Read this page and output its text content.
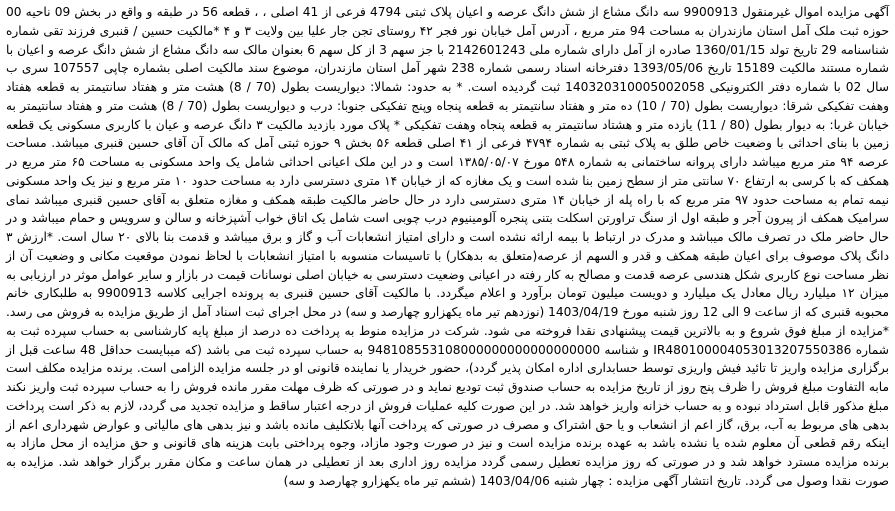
آگهی مزایده اموال غیرمنقول 9900913 سه دانگ مشاع از شش دانگ عرصه و اعیان پلاک ثبتی 4794 فرعی از 41 اصلی ، ، قطعه 56 در طبقه و واقع در بخش 09 ناحیه 00 حوزه ثبت ملک آمل استان مازندران به مساحت 94 متر مربع ، آدرس آمل خیابان نور فجر ۴۲ روستای تجن جار علیا بین ولایت ۳ و ۴ *مالکیت حسین / قنبری فرزند تقی شماره شناسنامه 29 تاریخ تولد 1360/01/15 صادره از آمل دارای شماره ملی 2142601243 با جز سهم 3 از کل سهم 6 بعنوان مالک سه دانگ مشاع از شش دانگ عرصه و اعیان با شماره مستند مالکیت 15189 تاریخ 1393/05/06 دفترخانه اسناد رسمی شماره 238 شهر آمل استان مازندران، موضوع سند مالکیت اصلی بشماره چاپی 107557 سری ب سال 02 با شماره دفتر الکترونیکی 140320310005002058 ثبت گردیده است. * به حدود: شمالا: دیواریست بطول (70 / 8) هشت متر و هفتاد سانتیمتر به قطعه هفتاد وهفت تفکیکی شرقا: دیواریست بطول (70 / 10) ده متر و هفتاد سانتیمتر به قطعه پنجاه وپنج تفکیکی جنوبا: درب و دیواریست بطول (70 / 8) هشت متر و هفتاد سانتیمتر به خیابان غربا: به دیوار بطول (80 / 11) یازده متر و هشتاد سانتیمتر به قطعه پنجاه وهفت تفکیکی * پلاک مورد بازدید مالکیت ۳ دانگ عرصه و عیان با کاربری مسکونی یک قطعه زمین با بنای احداثی با وضعیت خاص طلق به پلاک ثبتی به شماره ۴۷۹۴ فرعی از ۴۱ اصلی قطعه ۵۶ بخش ۹ حوزه ثبتی آمل که مالک آن آقای حسین قنبری میباشد. مساحت عرصه ۹۴ متر مربع میباشد دارای پروانه ساختمانی به شماره ۵۴۸ مورخ ۱۳۸۵/۰۵/۰۷ است و در این ملک اعیانی احداثی شامل یک واحد مسکونی به مساحت ۶۵ متر مربع در همکف که با کرسی به ارتفاع ۷۰ سانتی متر از سطح زمین بنا شده است و یک مغازه که از خیابان ۱۴ متری دسترسی دارد به مساحت حدود ۱۰ متر مربع و نیز یک واحد مسکونی نیمه تمام به مساحت حدود ۹۷ متر مربع که با راه پله از خیابان ۱۴ متری دسترسی دارد در حال حاضر مالکیت طبقه همکف و مغازه متعلق به آقای حسین قنبری میباشد نمای سرامیک همکف از پیرون آجر و طبقه اول از سنگ تراورتن اسکلت بتنی پنجره آلومینیوم درب چوبی است شامل یک اتاق خواب آشپزخانه و سالن و سرویس و حمام میباشد و در حال حاضر ملک در تصرف مالک میباشد و مدرک در ارتباط با بیمه ارائه نشده است و دارای امتیاز انشعابات آب و گاز و برق میباشد و قدمت بنا بالای ۲۰ سال است. *ارزش ۳ دانگ پلاک موصوف برای اعیان طبقه همکف و قدر و السهم از عرصه(متعلق به بدهکار) با تاسیسات منسوبه با امتیاز انشعابات با لحاظ نمودن موقعیت مکانی و وضعیت آن از نظر مساحت نوع کاربری شکل هندسی عرصه قدمت و مصالح به کار رفته در اعیانی وضعیت دسترسی به خیابان اصلی نوسانات قیمت در بازار و سایر عوامل موثر در ارزیابی به میزان ۱۲ میلیارد ریال معادل یک میلیارد و دویست میلیون تومان برآورد و اعلام میگردد. با مالکیت آقای حسین قنبری به پرونده اجرایی کلاسه 9900913 به طلبکاری خانم محبوبه قنبری که از ساعت 9 الی 12 روز شنبه مورخ 1403/04/19 (نوزدهم تیر ماه یکهزارو چهارصد و سه) در محل اجرای ثبت اسناد آمل از طریق مزایده به فروش می رسد. *مزایده از مبلغ فوق شروع و به بالاترین قیمت پیشنهادی نقدا فروخته می شود. شرکت در مزایده منوط به پرداخت ده درصد از مبلغ پایه کارشناسی به حساب سپرده ثبت به شماره IR480100004053013207550386 و شناسه 948108553108000000000000000000 به حساب سپرده ثبت می باشد (که میبایست حداقل 48 ساعت قبل از برگزاری مزایده واریز تا تائید فیش واریزی توسط حسابداری اداره امکان پذیر گردد)، حضور خریدار یا نماینده قانونی او در جلسه مزایده الزامی است. برنده مزایده مکلف است مابه التفاوت مبلغ فروش را ظرف پنج روز از تاریخ مزایده به حساب صندوق ثبت تودیع نماید و در صورتی که ظرف مهلت مقرر مانده فروش را به حساب سپرده ثبت واریز نکند مبلغ مذکور قابل استرداد نبوده و به حساب خزانه واریز خواهد شد. در این صورت کلیه عملیات فروش از درجه اعتبار ساقط و مزایده تجدید می گردد، لازم به ذکر است پرداخت بدهی های مربوط به آب، برق، گاز اعم از انشعاب و یا حق اشتراک و مصرف در صورتی که پرداخت آنها بلاتکلیف مانده باشد و نیز بدهی های مالیاتی و عوارض شهرداری اعم از اینکه رقم قطعی آن معلوم شده یا نشده باشد به عهده برنده مزایده است و نیز در صورت وجود مازاد، وجوه پرداختی بابت هزینه های قانونی و حق مزایده از محل مازاد به برنده مزایده مسترد خواهد شد و در صورتی که روز مزایده تعطیل رسمی گردد مزایده روز اداری بعد از تعطیلی در همان ساعت و مکان مقرر برگزار خواهد شد. مزایده به صورت نقدا وصول می گردد. تاریخ انتشار آگهی مزایده : چهار شنبه 1403/04/06 (ششم تیر ماه یکهزارو چهارصد و سه)
